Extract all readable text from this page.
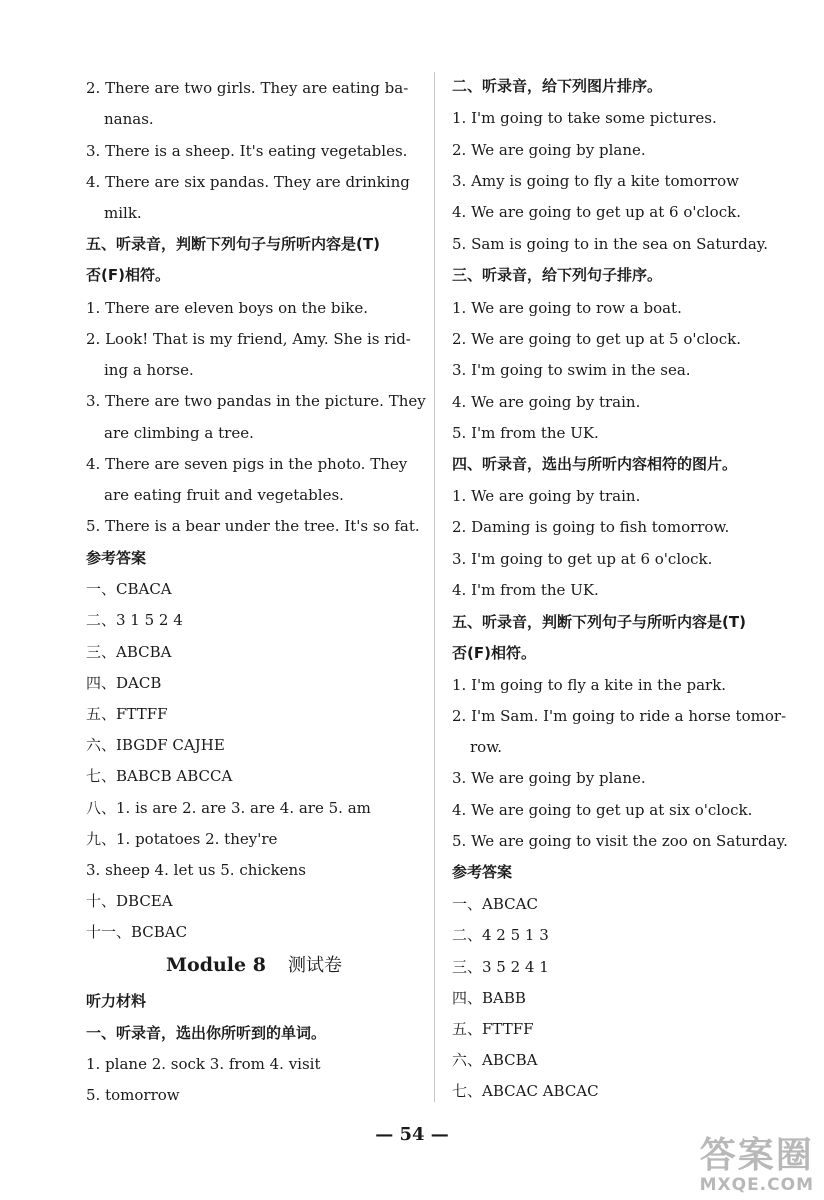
2. There are two girls. They are eating ba-
nanas.
3. There is a sheep. It's eating vegetables.
4. There are six pandas. They are drinking
milk.
五、听录音，判断下列句子与所听内容是(T)
否(F)相符。
1. There are eleven boys on the bike.
2. Look! That is my friend, Amy. She is rid-
ing a horse.
3. There are two pandas in the picture. They
are climbing a tree.
4. There are seven pigs in the photo. They
are eating fruit and vegetables.
5. There is a bear under the tree. It's so fat.
参考答案
一、CBACA
二、3 1 5 2 4
三、ABCBA
四、DACB
五、FTTFF
六、IBGDF CAJHE
七、BABCB ABCCA
八、1. is are 2. are 3. are 4. are 5. am
九、1. potatoes 2. they're
3. sheep 4. let us 5. chickens
十、DBCEA
十一、BCBAC
Module 8 测试卷
听力材料
一、听录音，选出你所听到的单词。
1. plane 2. sock 3. from 4. visit
5. tomorrow
二、听录音，给下列图片排序。
1. I'm going to take some pictures.
2. We are going by plane.
3. Amy is going to fly a kite tomorrow
4. We are going to get up at 6 o'clock.
5. Sam is going to in the sea on Saturday.
三、听录音，给下列句子排序。
1. We are going to row a boat.
2. We are going to get up at 5 o'clock.
3. I'm going to swim in the sea.
4. We are going by train.
5. I'm from the UK.
四、听录音，选出与所听内容相符的图片。
1. We are going by train.
2. Daming is going to fish tomorrow.
3. I'm going to get up at 6 o'clock.
4. I'm from the UK.
五、听录音，判断下列句子与所听内容是(T)
否(F)相符。
1. I'm going to fly a kite in the park.
2. I'm Sam. I'm going to ride a horse tomor-
row.
3. We are going by plane.
4. We are going to get up at six o'clock.
5. We are going to visit the zoo on Saturday.
参考答案
一、ABCAC
二、4 2 5 1 3
三、3 5 2 4 1
四、BABB
五、FTTFF
六、ABCBA
七、ABCAC ABCAC
— 54 —
答案圈
MXQE.COM
